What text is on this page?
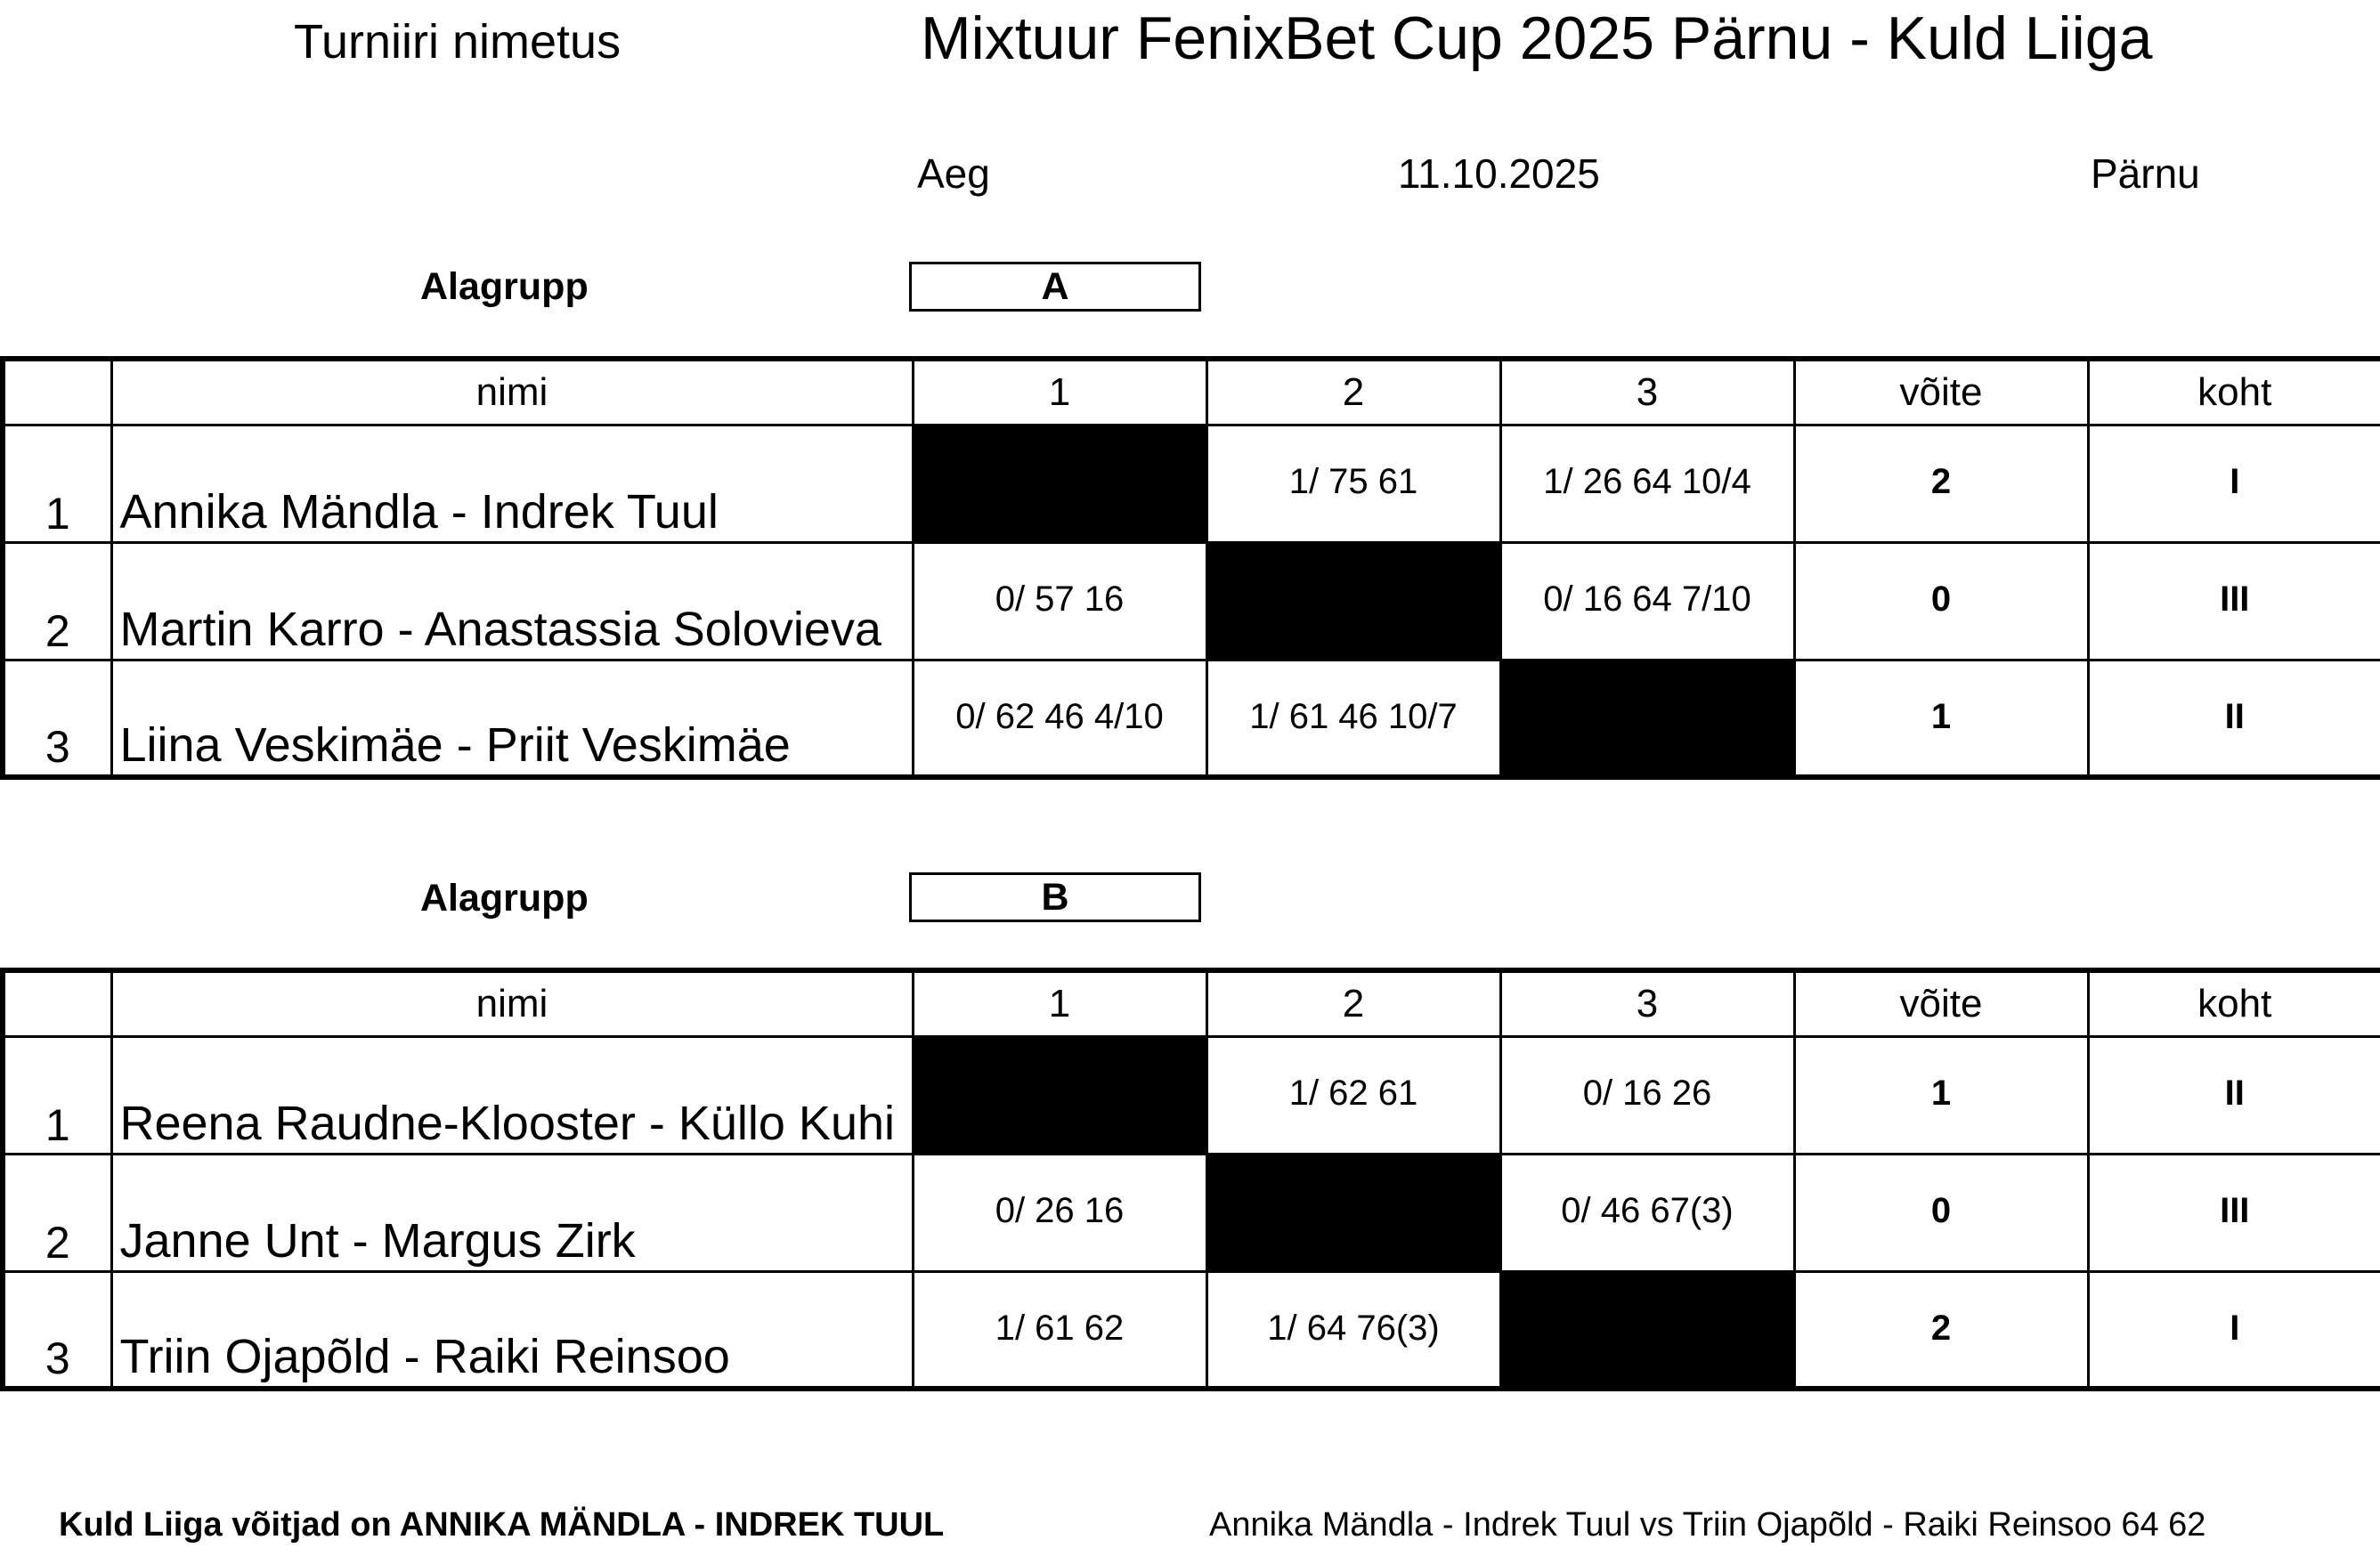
Turniiri nimetus	Mixtuur FenixBet Cup 2025 Pärnu - Kuld Liiga
Aeg	11.10.2025	Pärnu
Alagrupp	A
	nimi	1	2	3	võite	koht
1	Annika Mändla - Indrek Tuul		1/ 75 61	1/ 26 64 10/4	2	I
2	Martin Karro - Anastassia Solovieva	0/ 57 16		0/ 16 64 7/10	0	III
3	Liina Veskimäe - Priit Veskimäe	0/ 62 46 4/10	1/ 61 46 10/7		1	II
Alagrupp	B
	nimi	1	2	3	võite	koht
1	Reena Raudne-Klooster - Küllo Kuhi		1/ 62 61	0/ 16 26	1	II
2	Janne Unt - Margus Zirk	0/ 26 16		0/ 46 67(3)	0	III
3	Triin Ojapõld - Raiki Reinsoo	1/ 61 62	1/ 64 76(3)		2	I
Kuld Liiga võitjad on ANNIKA MÄNDLA - INDREK TUUL	Annika Mändla - Indrek Tuul vs Triin Ojapõld - Raiki Reinsoo 64 62
